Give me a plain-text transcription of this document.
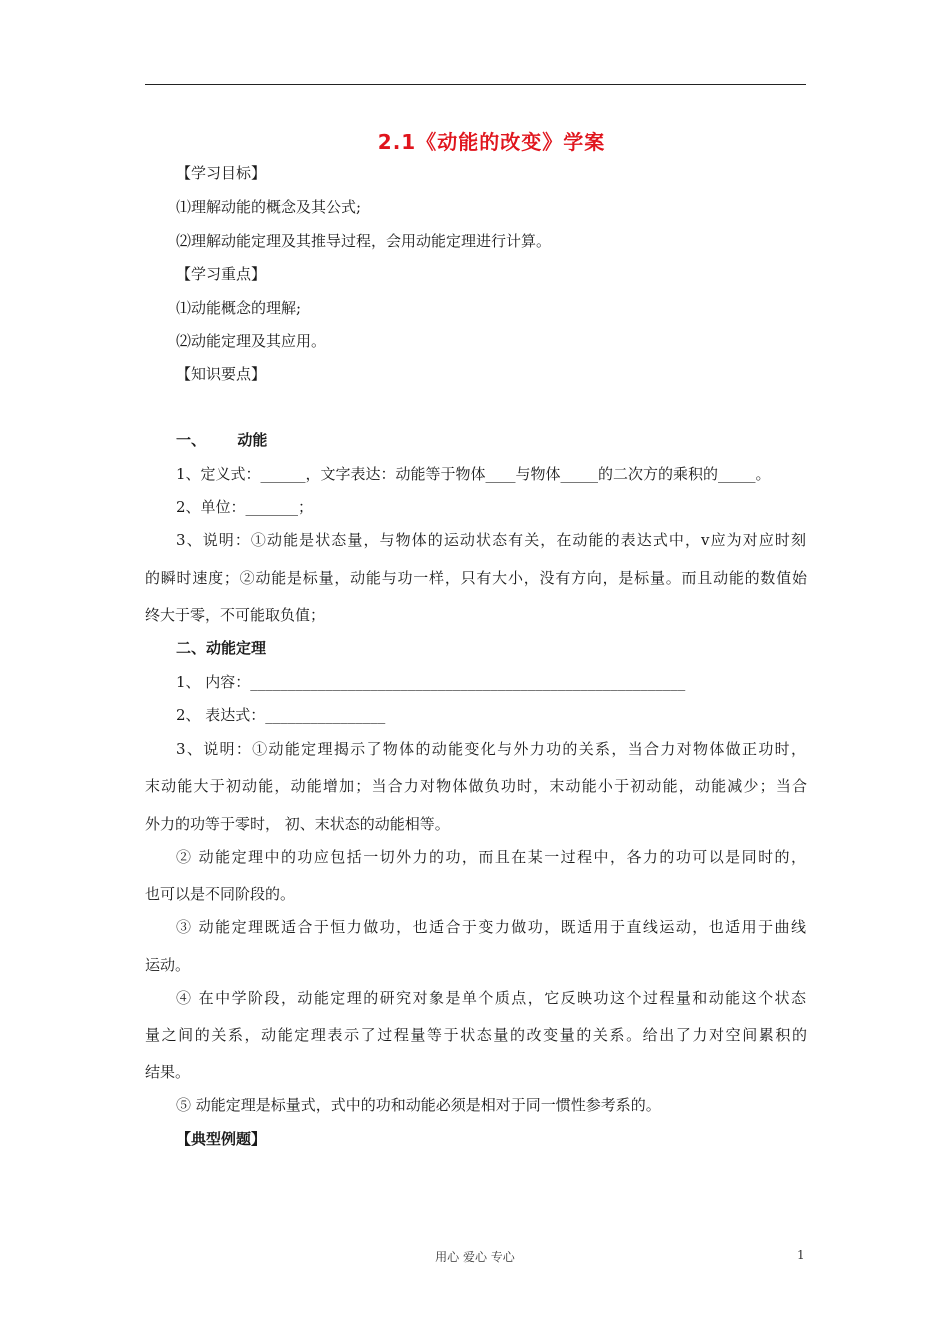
2.1《动能的改变》学案
【学习目标】
⑴理解动能的概念及其公式;
⑵理解动能定理及其推导过程，会用动能定理进行计算。
【学习重点】
⑴动能概念的理解;
⑵动能定理及其应用。
【知识要点】
一、      动能
1、定义式：______，文字表达：动能等于物体____与物体_____的二次方的乘积的_____。
2、单位：_______；
3、说明：①动能是状态量，与物体的运动状态有关，在动能的表达式中，v应为对应时刻
的瞬时速度；②动能是标量，动能与功一样，只有大小，没有方向，是标量。而且动能的数值始
终大于零，不可能取负值；
二、动能定理
1、 内容：__________________________________________________________
2、 表达式：________________
3、说明：①动能定理揭示了物体的动能变化与外力功的关系，当合力对物体做正功时，
末动能大于初动能，动能增加；当合力对物体做负功时，末动能小于初动能，动能减少；当合
外力的功等于零时， 初、末状态的动能相等。
② 动能定理中的功应包括一切外力的功，而且在某一过程中，各力的功可以是同时的，
也可以是不同阶段的。
③ 动能定理既适合于恒力做功，也适合于变力做功，既适用于直线运动，也适用于曲线
运动。
④ 在中学阶段，动能定理的研究对象是单个质点，它反映功这个过程量和动能这个状态
量之间的关系，动能定理表示了过程量等于状态量的改变量的关系。给出了力对空间累积的
结果。
⑤ 动能定理是标量式，式中的功和动能必须是相对于同一惯性参考系的。
【典型例题】
用心 爱心 专心	1
